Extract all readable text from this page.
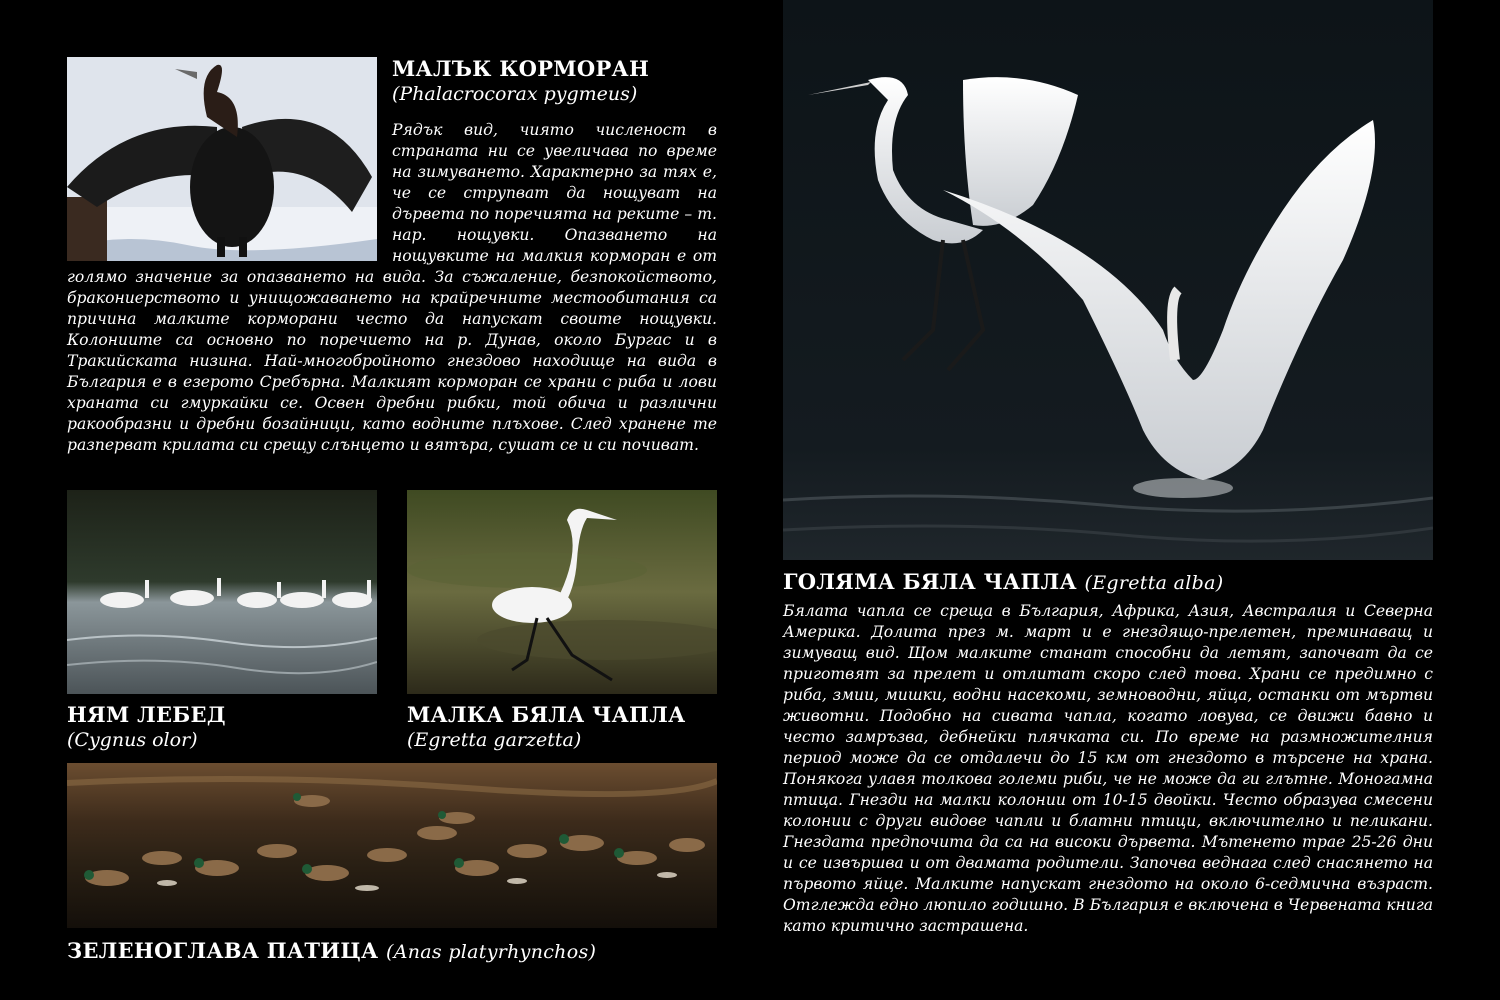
МАЛЪК КОРМОРАН
(Phalacrocorax pygmeus)
Рядък вид, чиято численост в страната ни се увеличава по време на зимуването. Характерно за тях е, че се струпват да нощуват на дървета по поречията на реките – т. нар. нощувки. Опазването на нощувките на малкия корморан е от голямо значение за опазването на вида. За съжаление, безпокойството, бракониерството и унищожаването на крайречните местообитания са причина малките корморани често да напускат своите нощувки. Колониите са основно по поречието на р. Дунав, около Бургас и в Тракийската низина. Най-многобройното гнездово находище на вида в България е в езерото Сребърна. Малкият корморан се храни с риба и лови храната си гмуркайки се. Освен дребни рибки, той обича и различни ракообразни и дребни бозайници, като водните плъхове. След хранене те разперват крилата си срещу слънцето и вятъра, сушат се и си почиват.
НЯМ ЛЕБЕД
(Cygnus olor)
МАЛКА БЯЛА ЧАПЛА
(Egretta garzetta)
ЗЕЛЕНОГЛАВА ПАТИЦА (Anas platyrhynchos)
ГОЛЯМА БЯЛА ЧАПЛА (Egretta alba)

Бялата чапла се среща в България, Африка, Азия, Австралия и Северна Америка. Долита през м. март и е гнездящо-прелетен, преминаващ и зимуващ вид. Щом малките станат способни да летят, започват да се приготвят за прелет и отлитат скоро след това. Храни се предимно с риба, змии, мишки, водни насекоми, земноводни, яйца, останки от мъртви животни. Подобно на сивата чапла, когато ловува, се движи бавно и често замръзва, дебнейки плячката си. По време на размножителния период може да се отдалечи до 15 км от гнездото в търсене на храна. Понякога улавя толкова големи риби, че не може да ги глътне. Моногамна птица. Гнезди на малки колонии от 10-15 двойки. Често образува смесени колонии с други видове чапли и блатни птици, включително и пеликани. Гнездата предпочита да са на високи дървета. Мътенето трае 25-26 дни и се извършва и от двамата родители. Започва веднага след снасянето на първото яйце. Малките напускат гнездото на около 6-седмична възраст. Отглежда едно люпило годишно. В България е включена в Червената книга като критично застрашена.
